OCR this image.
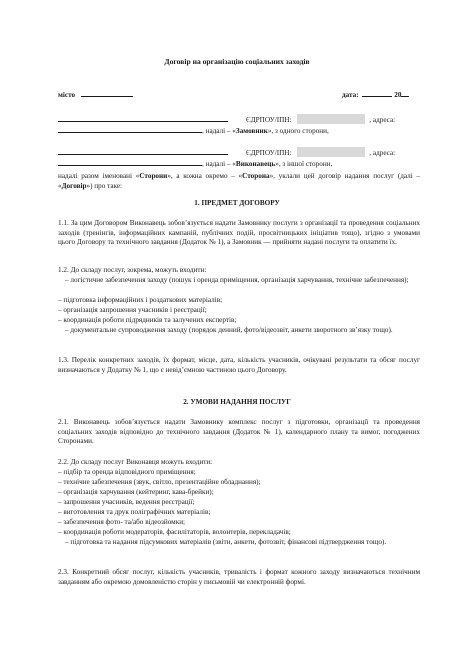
Договір на організацію соціальних заходів
місто	дата:	20
ЄДРПОУ/ІПН:	, адреса:
, надалі – «Замовник», з одного сторони,
ЄДРПОУ/ІПН:	, адреса:
, надалі – «Виконавець», з іншої сторони,
надалі разом іменовані «Сторони», а кожна окремо – «Сторона», уклали цей договір надання послуг (далі – «Договір») про таке:
1. ПРЕДМЕТ ДОГОВОРУ
1.1. За цим Договором Виконавець зобов’язується надати Замовнику послуги з організації та проведення соціальних заходів (тренінгів, інформаційних кампаній, публічних подій, просвітницьких ініціатив тощо), згідно з умовами цього Договору та технічного завдання (Додаток № 1), а Замовник — прийняти надані послуги та оплатити їх.
1.2. До складу послуг, зокрема, можуть входити:
– логістичне забезпечення заходу (пошук і оренда приміщення, організація харчування, технічне забезпечення);
– підготовка інформаційних і роздаткових матеріалів;
– організація запрошення учасників і реєстрації;
– координація роботи підрядників та залучених експертів;
– документальне супроводження заходу (порядок денний, фото/відеозвіт, анкети зворотного зв’язку тощо).
1.3. Перелік конкретних заходів, їх формат, місце, дата, кількість учасників, очікувані результати та обсяг послуг визначаються у Додатку № 1, що є невід’ємною частиною цього Договору.
2. УМОВИ НАДАННЯ ПОСЛУГ
2.1. Виконавець зобов’язується надати Замовнику комплекс послуг з підготовки, організації та проведення соціальних заходів відповідно до технічного завдання (Додаток № 1), календарного плану та вимог, погоджених Сторонами.
2.2. До складу послуг Виконавця можуть входити:
– підбір та оренда відповідного приміщення;
– технічне забезпечення (звук, світло, презентаційне обладнання);
– організація харчування (кейтеринг, кава-брейки);
– запрошення учасників, ведення реєстрації;
– виготовлення та друк поліграфічних матеріалів;
– забезпечення фото- та/або відеозйомки;
– координація роботи модераторів, фасилітаторів, волонтерів, перекладачів;
– підготовка та надання підсумкових матеріалів (звіти, анкети, фотозвіт, фінансові підтвердження тощо).
2.3. Конкретний обсяг послуг, кількість учасників, тривалість і формат кожного заходу визначаються технічним завданням або окремою домовленістю сторін у письмовій чи електронній формі.
